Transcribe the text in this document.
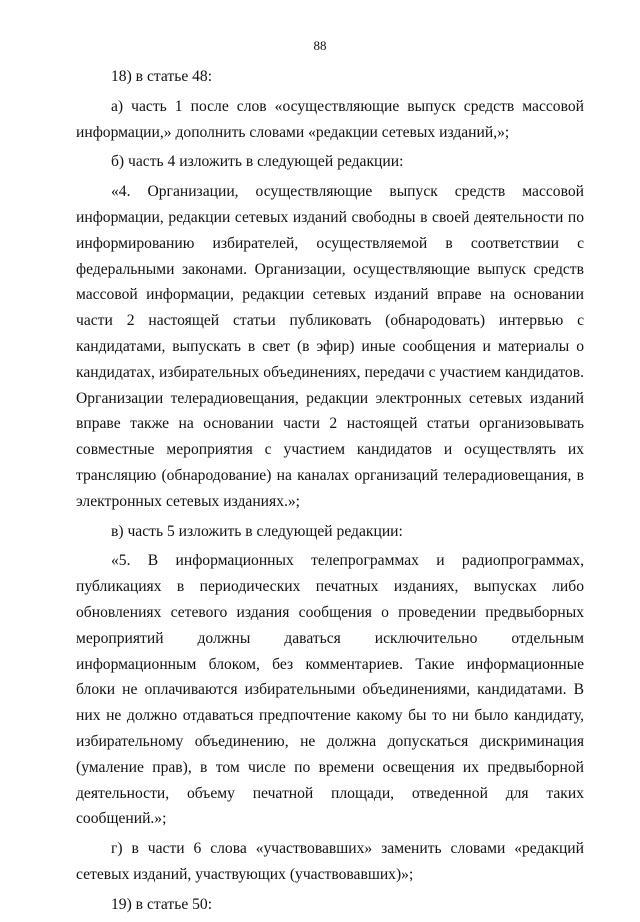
88

18) в статье 48:

а) часть 1 после слов «осуществляющие выпуск средств массовой информации,» дополнить словами «редакции сетевых изданий,»;

б) часть 4 изложить в следующей редакции:

«4. Организации, осуществляющие выпуск средств массовой информации, редакции сетевых изданий свободны в своей деятельности по информированию избирателей, осуществляемой в соответствии с федеральными законами. Организации, осуществляющие выпуск средств массовой информации, редакции сетевых изданий вправе на основании части 2 настоящей статьи публиковать (обнародовать) интервью с кандидатами, выпускать в свет (в эфир) иные сообщения и материалы о кандидатах, избирательных объединениях, передачи с участием кандидатов. Организации телерадиовещания, редакции электронных сетевых изданий вправе также на основании части 2 настоящей статьи организовывать совместные мероприятия с участием кандидатов и осуществлять их трансляцию (обнародование) на каналах организаций телерадиовещания, в электронных сетевых изданиях.»;

в) часть 5 изложить в следующей редакции:

«5. В информационных телепрограммах и радиопрограммах, публикациях в периодических печатных изданиях, выпусках либо обновлениях сетевого издания сообщения о проведении предвыборных мероприятий должны даваться исключительно отдельным информационным блоком, без комментариев. Такие информационные блоки не оплачиваются избирательными объединениями, кандидатами. В них не должно отдаваться предпочтение какому бы то ни было кандидату, избирательному объединению, не должна допускаться дискриминация (умаление прав), в том числе по времени освещения их предвыборной деятельности, объему печатной площади, отведенной для таких сообщений.»;

г) в части 6 слова «участвовавших» заменить словами «редакций сетевых изданий, участвующих (участвовавших)»;

19) в статье 50:
